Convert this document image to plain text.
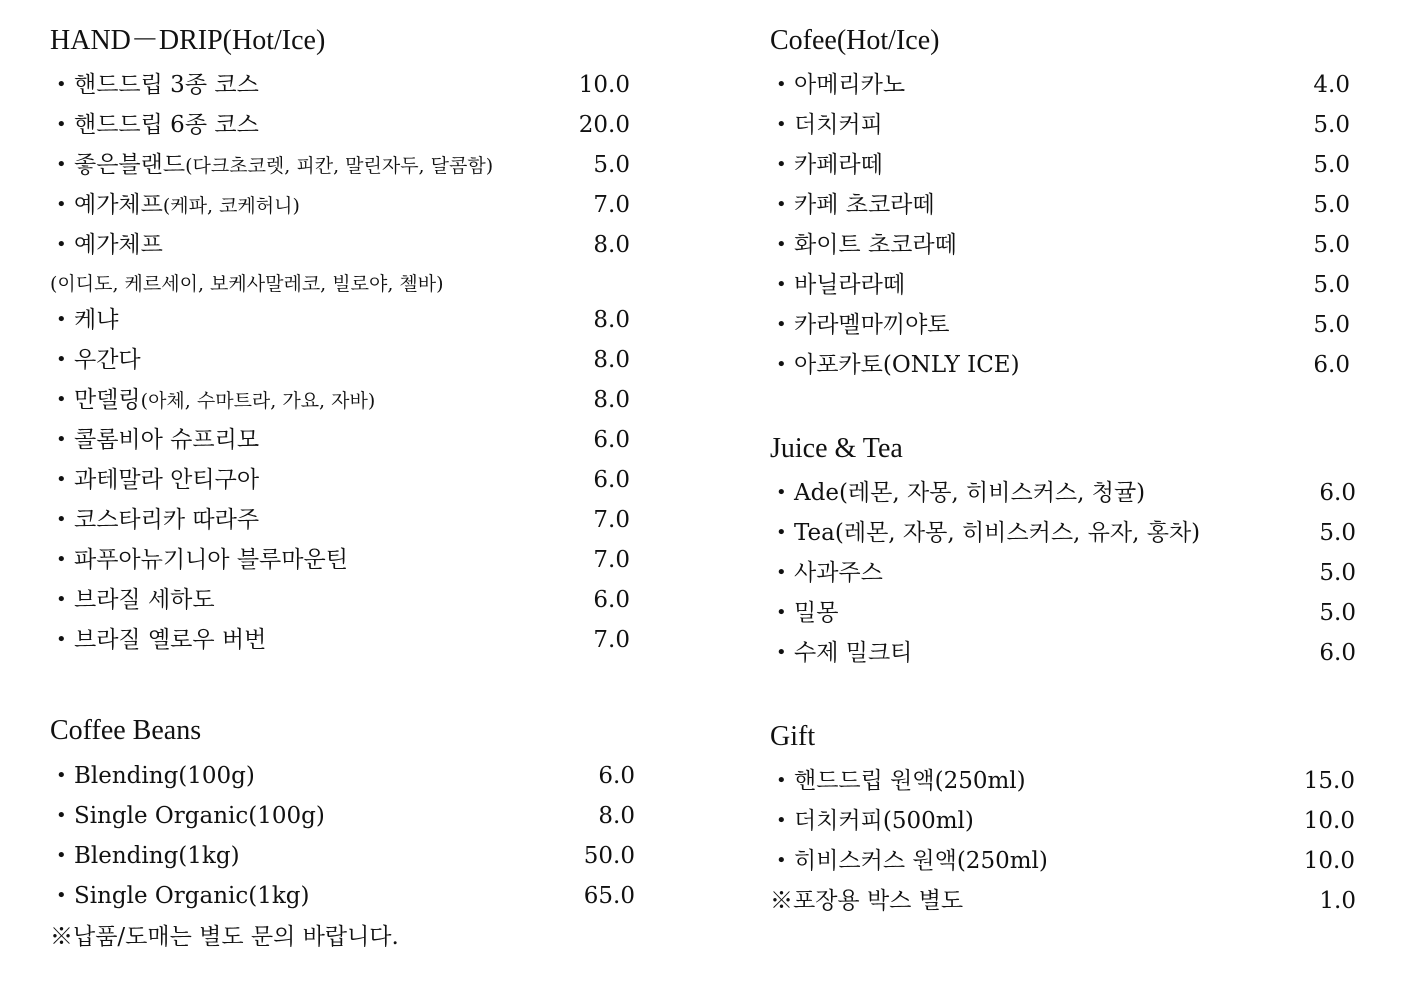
HAND－DRIP(Hot/Ice)
• 핸드드립 3종 코스	10.0
• 핸드드립 6종 코스	20.0
• 좋은블랜드(다크초코렛, 피칸, 말린자두, 달콤함)	5.0
• 예가체프(케파, 코케허니)	7.0
• 예가체프	8.0
(이디도, 케르세이, 보케사말레코, 빌로야, 첼바)
• 케냐	8.0
• 우간다	8.0
• 만델링(아체, 수마트라, 가요, 자바)	8.0
• 콜롬비아 슈프리모	6.0
• 과테말라 안티구아	6.0
• 코스타리카 따라주	7.0
• 파푸아뉴기니아 블루마운틴	7.0
• 브라질 세하도	6.0
• 브라질 옐로우 버번	7.0
Coffee Beans
• Blending(100g)	6.0
• Single Organic(100g)	8.0
• Blending(1kg)	50.0
• Single Organic(1kg)	65.0
※납품/도매는 별도 문의 바랍니다.
Cofee(Hot/Ice)
• 아메리카노	4.0
• 더치커피	5.0
• 카페라떼	5.0
• 카페 초코라떼	5.0
• 화이트 초코라떼	5.0
• 바닐라라떼	5.0
• 카라멜마끼야토	5.0
• 아포카토(ONLY ICE)	6.0
Juice & Tea
• Ade(레몬, 자몽, 히비스커스, 청귤)	6.0
• Tea(레몬, 자몽, 히비스커스, 유자, 홍차)	5.0
• 사과주스	5.0
• 밀몽	5.0
• 수제 밀크티	6.0
Gift
• 핸드드립 원액(250ml)	15.0
• 더치커피(500ml)	10.0
• 히비스커스 원액(250ml)	10.0
※포장용 박스 별도	1.0
